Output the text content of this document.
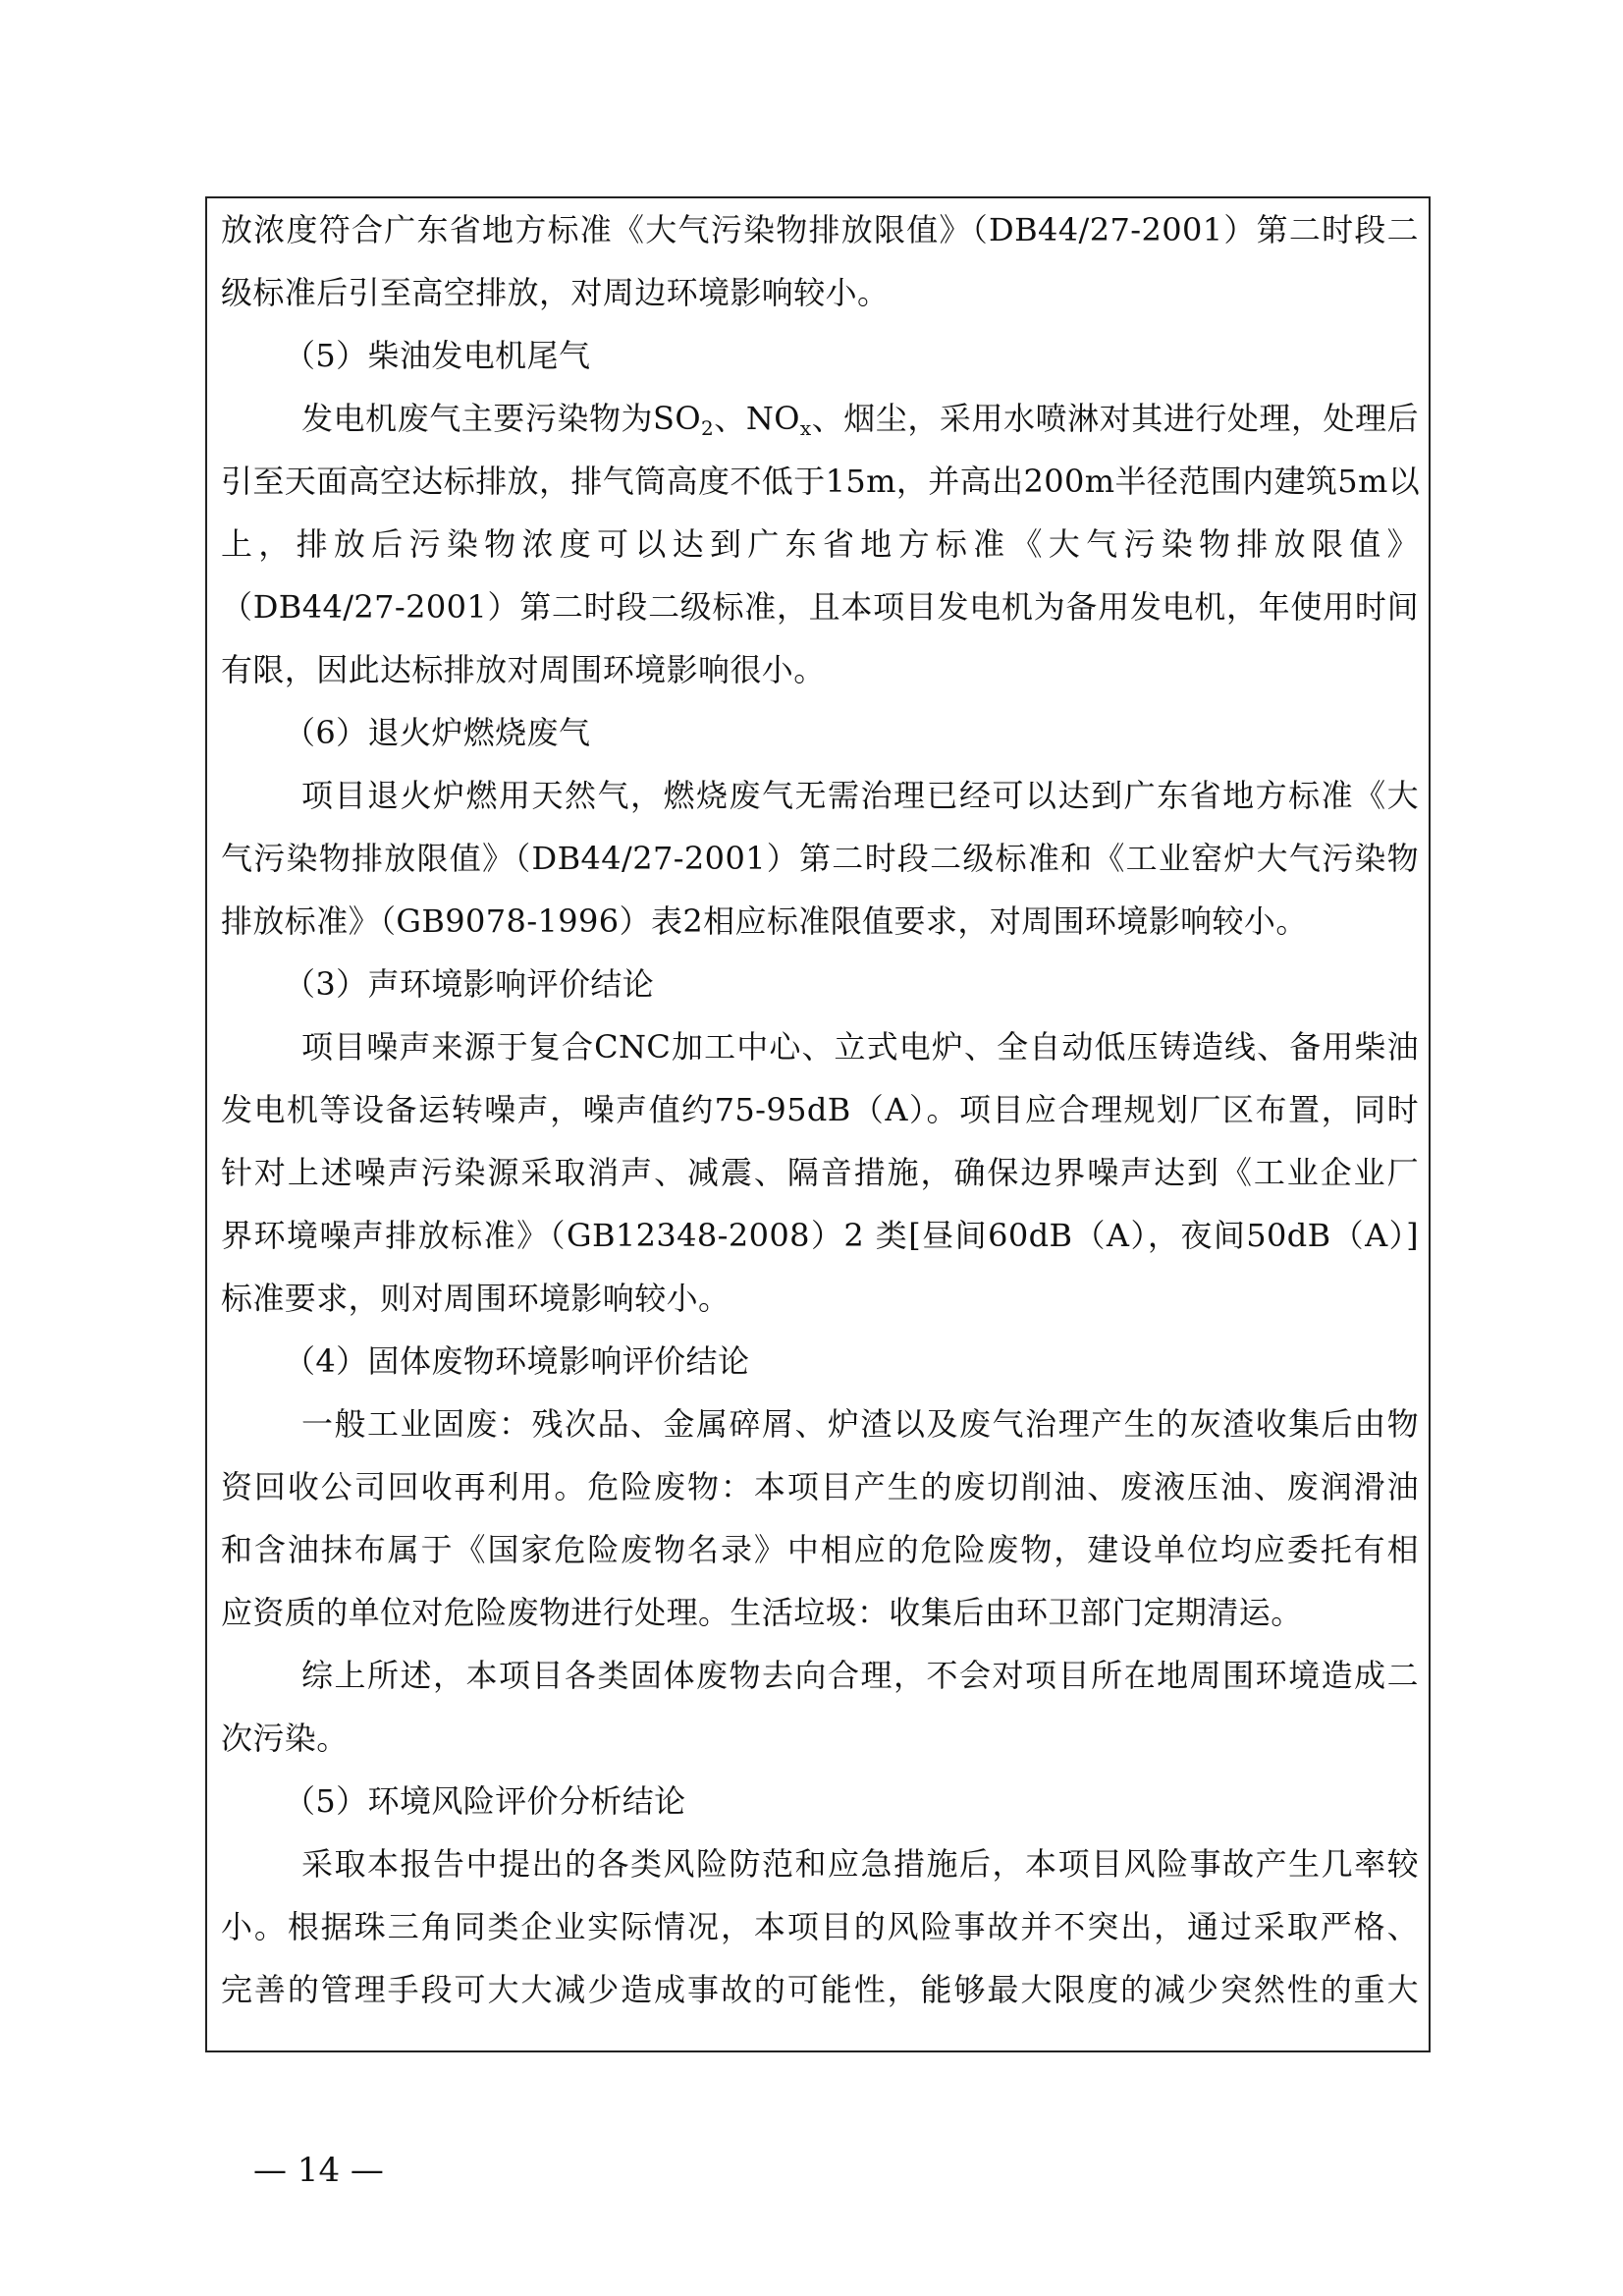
放浓度符合广东省地方标准《大气污染物排放限值》（DB44/27-2001）第二时段二
级标准后引至高空排放，对周边环境影响较小。
（5）柴油发电机尾气
发电机废气主要污染物为$SO_2$、$NO_x$、烟尘，采用水喷淋对其进行处理，处理后
引至天面高空达标排放，排气筒高度不低于15m，并高出200m半径范围内建筑5m以
上，排放后污染物浓度可以达到广东省地方标准《大气污染物排放限值》
（DB44/27-2001）第二时段二级标准，且本项目发电机为备用发电机，年使用时间
有限，因此达标排放对周围环境影响很小。
（6）退火炉燃烧废气
项目退火炉燃用天然气，燃烧废气无需治理已经可以达到广东省地方标准《大
气污染物排放限值》（DB44/27-2001）第二时段二级标准和《工业窑炉大气污染物
排放标准》（GB9078-1996）表2相应标准限值要求，对周围环境影响较小。
（3）声环境影响评价结论
项目噪声来源于复合CNC加工中心、立式电炉、全自动低压铸造线、备用柴油
发电机等设备运转噪声，噪声值约75-95dB（A）。项目应合理规划厂区布置，同时
针对上述噪声污染源采取消声、减震、隔音措施，确保边界噪声达到《工业企业厂
界环境噪声排放标准》（GB12348-2008）2 类[昼间60dB（A），夜间50dB（A）]
标准要求，则对周围环境影响较小。
（4）固体废物环境影响评价结论
一般工业固废：残次品、金属碎屑、炉渣以及废气治理产生的灰渣收集后由物
资回收公司回收再利用。危险废物：本项目产生的废切削油、废液压油、废润滑油
和含油抹布属于《国家危险废物名录》中相应的危险废物，建设单位均应委托有相
应资质的单位对危险废物进行处理。生活垃圾：收集后由环卫部门定期清运。
综上所述，本项目各类固体废物去向合理，不会对项目所在地周围环境造成二
次污染。
（5）环境风险评价分析结论
采取本报告中提出的各类风险防范和应急措施后，本项目风险事故产生几率较
小。根据珠三角同类企业实际情况，本项目的风险事故并不突出，通过采取严格、
完善的管理手段可大大减少造成事故的可能性，能够最大限度的减少突然性的重大
— 14 —
